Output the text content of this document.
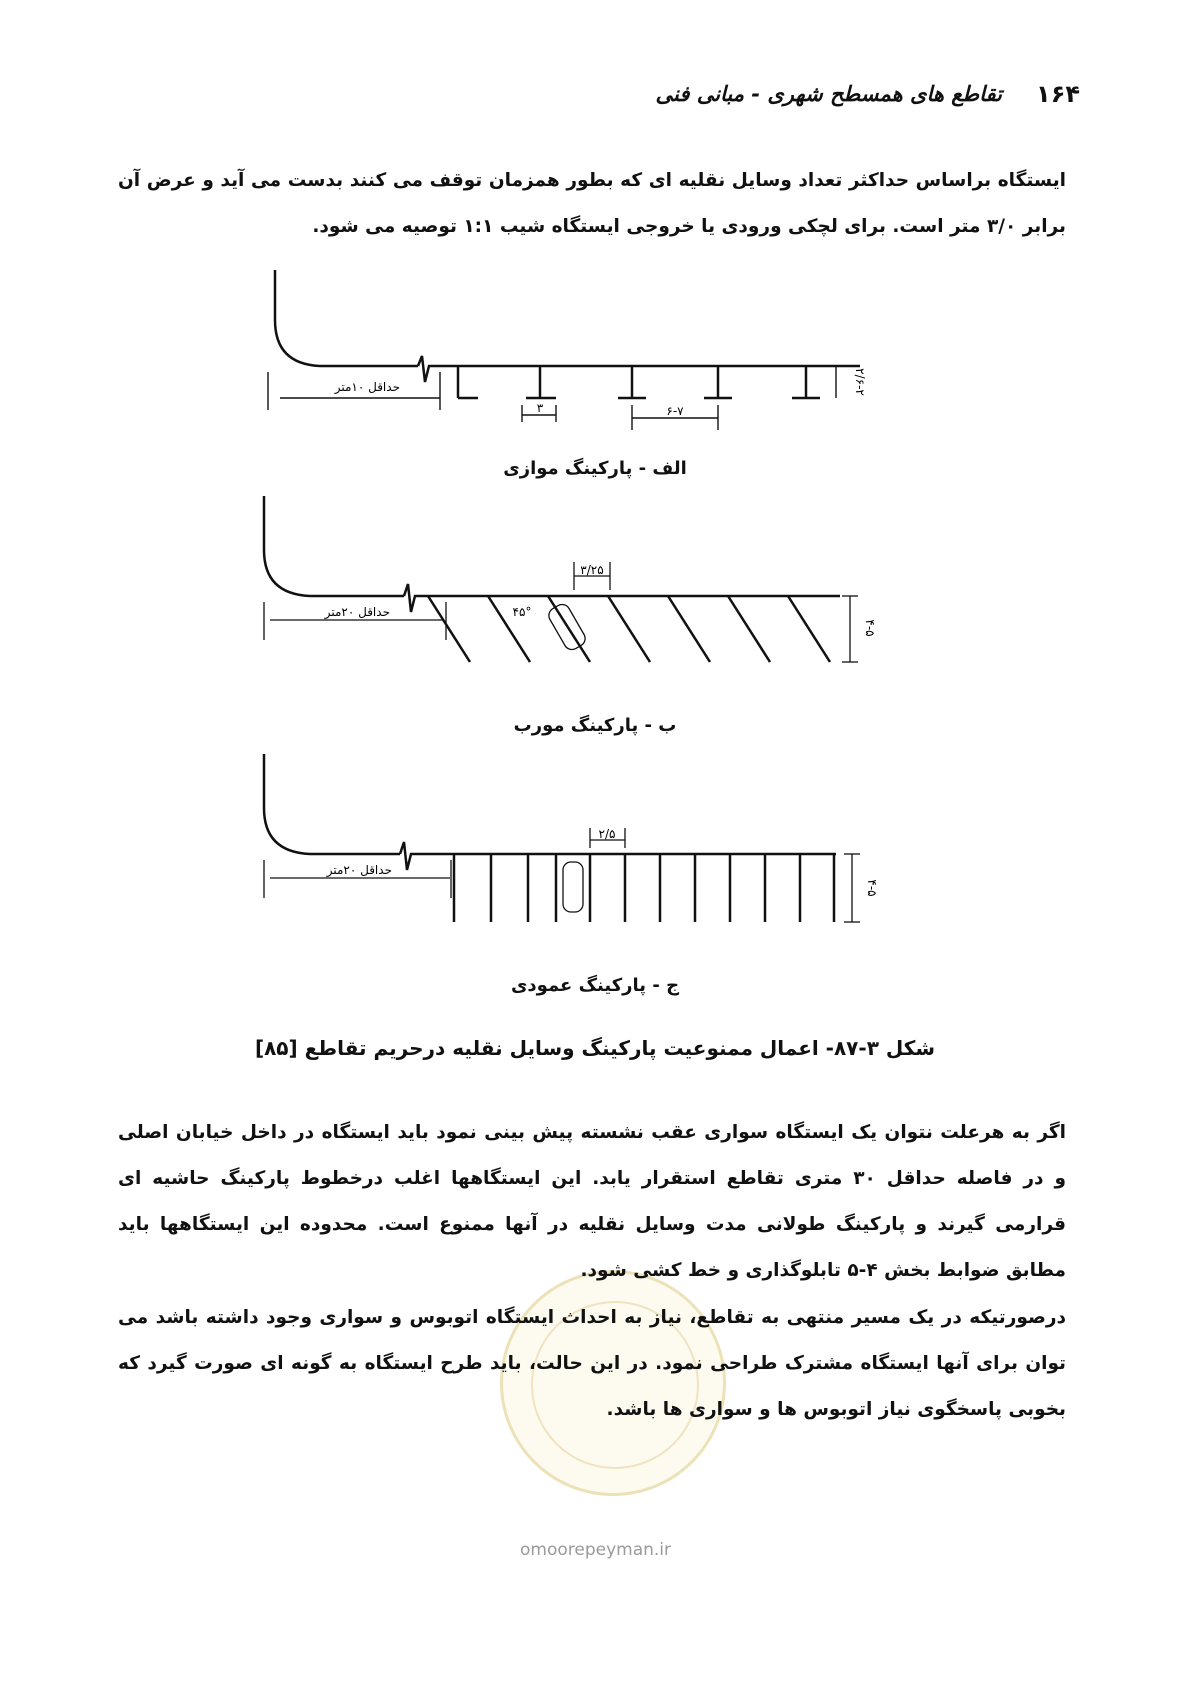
۱۶۴
تقاطع های همسطح شهری - مبانی فنی
ایستگاه براساس حداکثر تعداد وسایل نقلیه ای که بطور همزمان توقف می کنند بدست می آید و عرض آن برابر ۳/۰ متر است. برای لچکی ورودی یا خروجی ایستگاه شیب ۱:۱ توصیه می شود.
حداقل ۱۰متر
۳	۶-۷
۲/۶-۲
الف - پارکینگ موازی
حداقل ۲۰متر
۳/۲۵
۴۵°
۴-۵
ب - پارکینگ مورب
حداقل ۲۰متر
۲/۵
۴-۵
ج - پارکینگ عمودی
شکل ۳-۸۷- اعمال ممنوعیت پارکینگ وسایل نقلیه درحریم تقاطع [۸۵]
اگر به هرعلت نتوان یک ایستگاه سواری عقب نشسته پیش بینی نمود باید ایستگاه در داخل خیابان اصلی و در فاصله حداقل ۳۰ متری تقاطع استقرار یابد. این ایستگاهها اغلب درخطوط پارکینگ حاشیه ای قرارمی گیرند و پارکینگ طولانی مدت وسایل نقلیه در آنها ممنوع است. محدوده این ایستگاهها باید مطابق ضوابط بخش ۴-۵ تابلوگذاری و خط کشی شود.
درصورتیکه در یک مسیر منتهی به تقاطع، نیاز به احداث ایستگاه اتوبوس و سواری وجود داشته باشد می توان برای آنها ایستگاه مشترک طراحی نمود. در این حالت، باید طرح ایستگاه به گونه ای صورت گیرد که بخوبی پاسخگوی نیاز اتوبوس ها و سواری ها باشد.
omoorepeyman.ir
